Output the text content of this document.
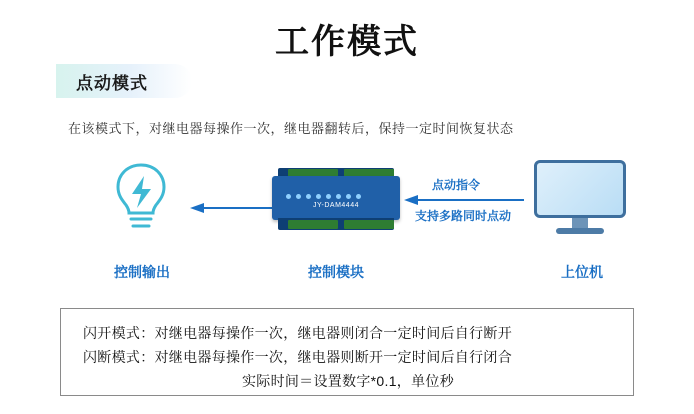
工作模式
点动模式
在该模式下，对继电器每操作一次，继电器翻转后，保持一定时间恢复状态
JY-DAM4444
点动指令
支持多路同时点动
控制输出	控制模块	上位机
闪开模式：对继电器每操作一次，继电器则闭合一定时间后自行断开
闪断模式：对继电器每操作一次，继电器则断开一定时间后自行闭合
实际时间＝设置数字*0.1，单位秒
